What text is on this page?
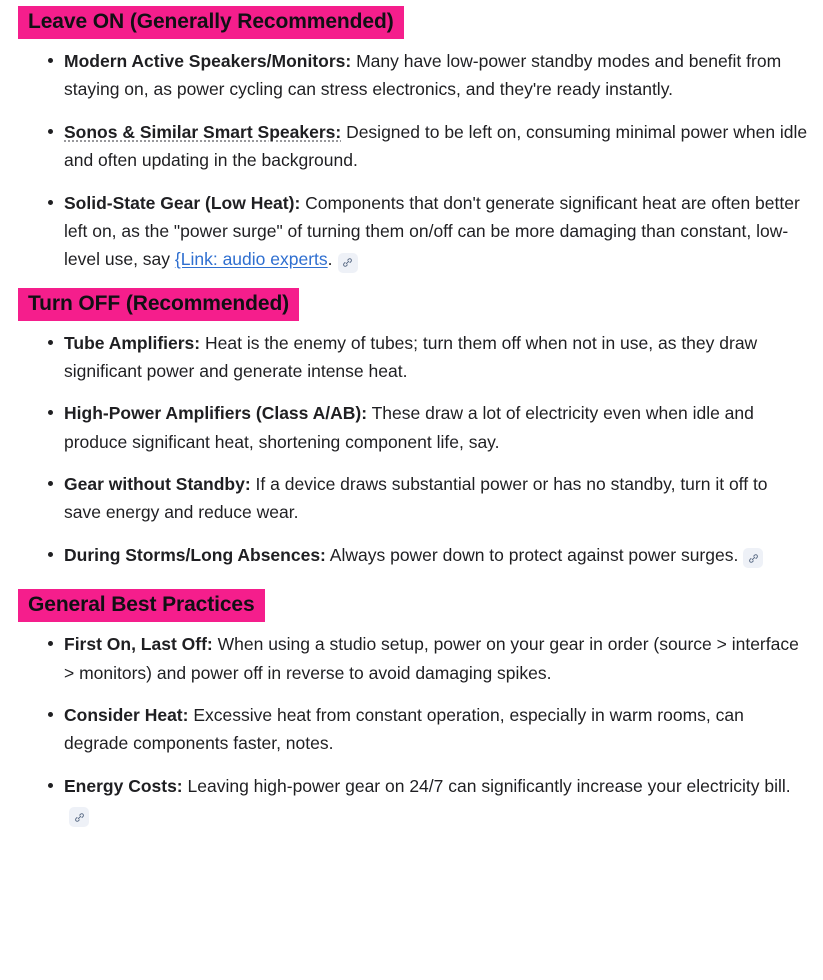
Leave ON (Generally Recommended)
Modern Active Speakers/Monitors: Many have low-power standby modes and benefit from staying on, as power cycling can stress electronics, and they're ready instantly.
Sonos & Similar Smart Speakers: Designed to be left on, consuming minimal power when idle and often updating in the background.
Solid-State Gear (Low Heat): Components that don't generate significant heat are often better left on, as the "power surge" of turning them on/off can be more damaging than constant, low-level use, say {Link: audio experts.
Turn OFF (Recommended)
Tube Amplifiers: Heat is the enemy of tubes; turn them off when not in use, as they draw significant power and generate intense heat.
High-Power Amplifiers (Class A/AB): These draw a lot of electricity even when idle and produce significant heat, shortening component life, say.
Gear without Standby: If a device draws substantial power or has no standby, turn it off to save energy and reduce wear.
During Storms/Long Absences: Always power down to protect against power surges.
General Best Practices
First On, Last Off: When using a studio setup, power on your gear in order (source > interface > monitors) and power off in reverse to avoid damaging spikes.
Consider Heat: Excessive heat from constant operation, especially in warm rooms, can degrade components faster, notes.
Energy Costs: Leaving high-power gear on 24/7 can significantly increase your electricity bill.
